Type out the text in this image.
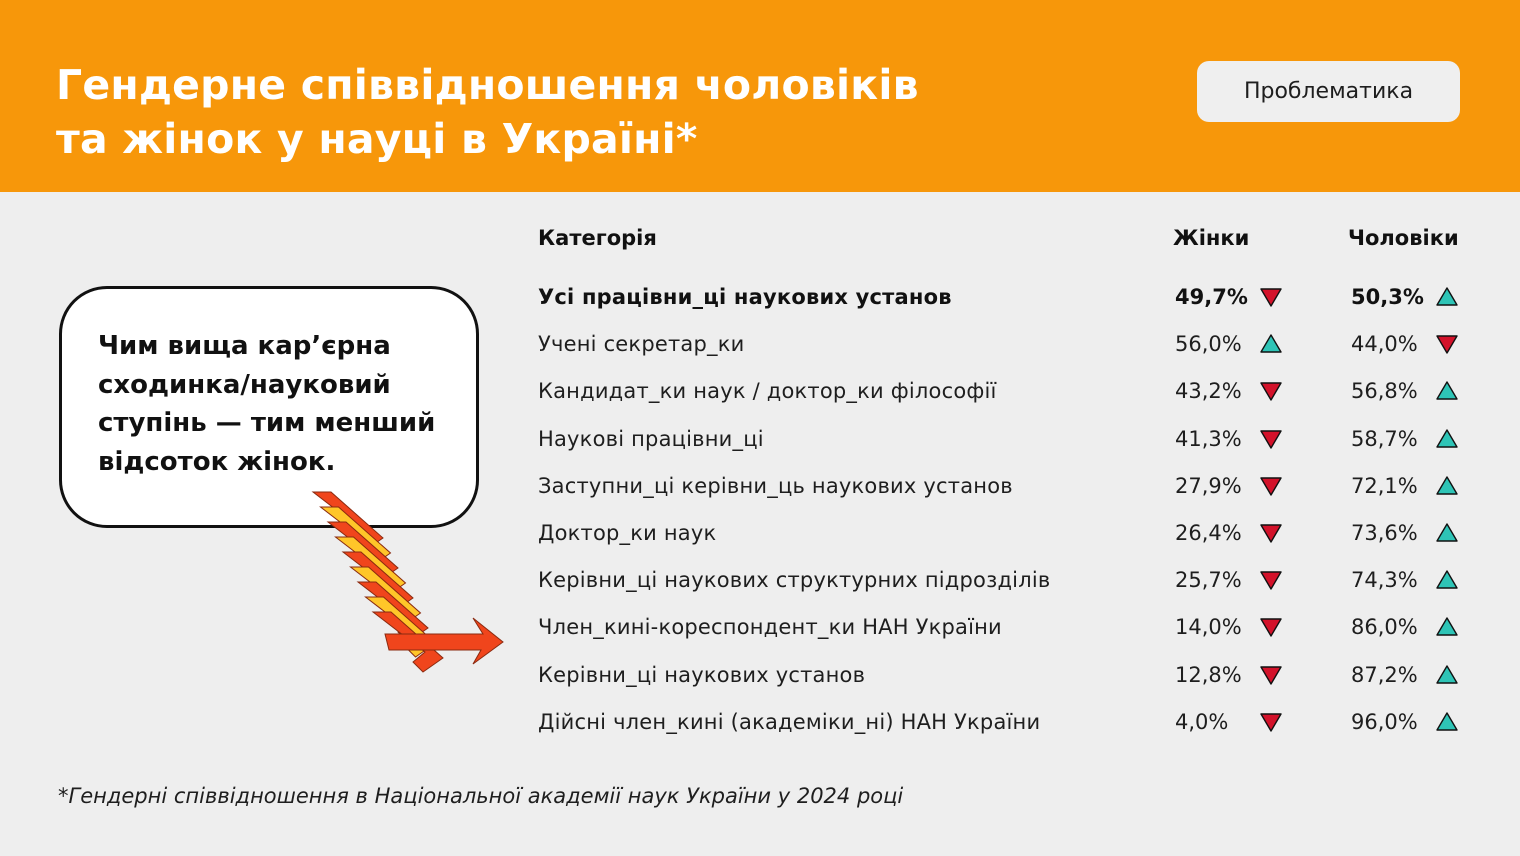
Гендерне співвідношення чоловіків
та жінок у науці в Україні*
Проблематика

Чим вища кар’єрна
сходинка/науковий
ступінь — тим менший
відсоток жінок.

Категорія	Жінки	Чоловіки
Усі працівни_ці наукових установ	49,7%	50,3%
Учені секретар_ки	56,0%	44,0%
Кандидат_ки наук / доктор_ки філософії	43,2%	56,8%
Наукові працівни_ці	41,3%	58,7%
Заступни_ці керівни_ць наукових установ	27,9%	72,1%
Доктор_ки наук	26,4%	73,6%
Керівни_ці наукових структурних підрозділів	25,7%	74,3%
Член_кині-кореспондент_ки НАН України	14,0%	86,0%
Керівни_ці наукових установ	12,8%	87,2%
Дійсні член_кині (академіки_ні) НАН України	4,0%	96,0%
*Гендерні співвідношення в Національної академії наук України у 2024 році
